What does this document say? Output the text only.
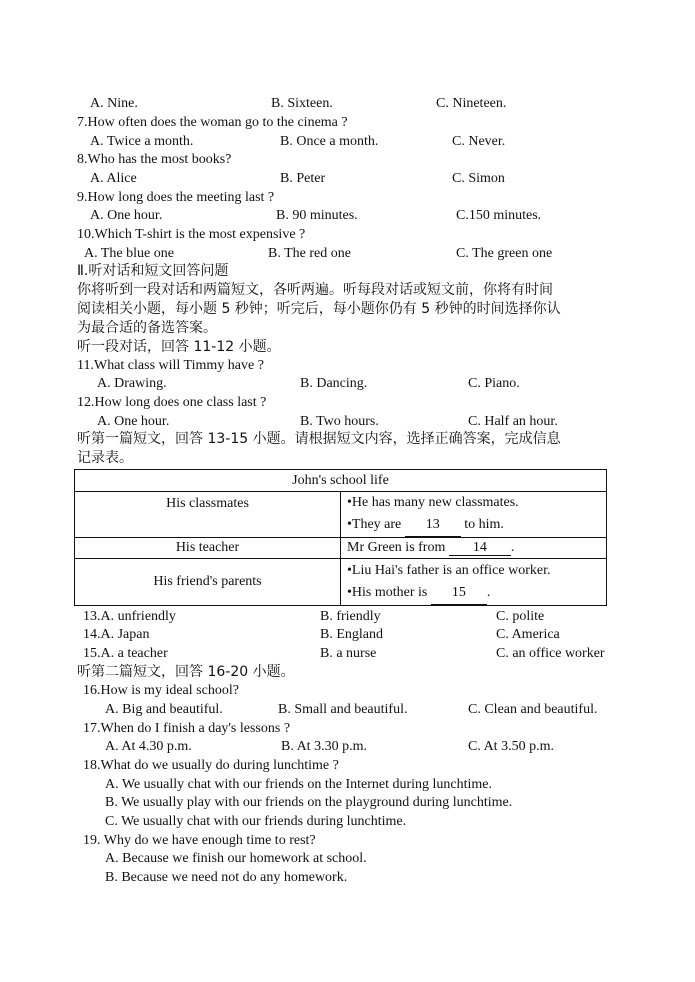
A. Nine.	B. Sixteen.	C. Nineteen.
7.How often does the woman go to the cinema ?
A. Twice a month.	B. Once a month.	C. Never.
8.Who has the most books?
A. Alice	B. Peter	C. Simon
9.How long does the meeting last ?
A. One hour.	B. 90 minutes.	C.150 minutes.
10.Which T-shirt is the most expensive ?
A. The blue one	B. The red one	C. The green one
Ⅱ.听对话和短文回答问题
你将听到一段对话和两篇短文，各听两遍。听每段对话或短文前，你将有时间
阅读相关小题，每小题 5 秒钟；听完后，每小题你仍有 5 秒钟的时间选择你认
为最合适的备选答案。
听一段对话，回答 11-12 小题。
11.What class will Timmy have ?
A. Drawing.	B. Dancing.	C. Piano.
12.How long does one class last ?
A. One hour.	B. Two hours.	C. Half an hour.
听第一篇短文，回答 13-15 小题。请根据短文内容，选择正确答案，完成信息
记录表。
John's school life	
His classmates	•He has many new classmates.
•They are 13 to him.

His teacher	Mr Green is from 14 .
His friend's parents	•Liu Hai's father is an office worker.
•His mother is 15 .
13.A. unfriendly	B. friendly	C. polite
14.A. Japan	B. England	C. America
15.A. a teacher	B. a nurse	C. an office worker
听第二篇短文，回答 16-20 小题。
16.How is my ideal school?
A. Big and beautiful.	B. Small and beautiful.	C. Clean and beautiful.
17.When do I finish a day's lessons ?
A. At 4.30 p.m.	B. At 3.30 p.m.	C. At 3.50 p.m.
18.What do we usually do during lunchtime ?
A. We usually chat with our friends on the Internet during lunchtime.
B. We usually play with our friends on the playground during lunchtime.
C. We usually chat with our friends during lunchtime.
19. Why do we have enough time to rest?
A. Because we finish our homework at school.
B. Because we need not do any homework.
